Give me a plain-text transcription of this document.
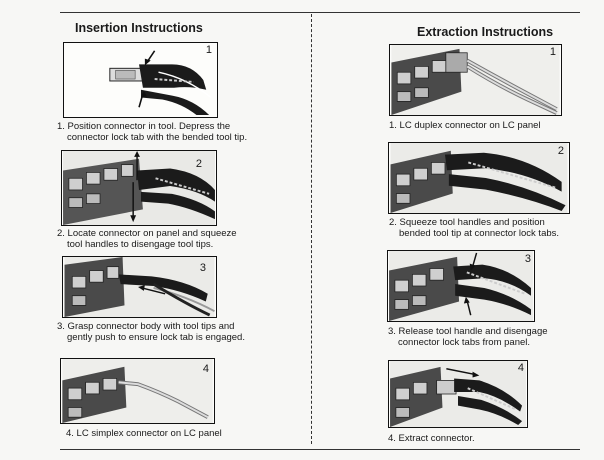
Insertion Instructions
1
1. Position connector in tool. Depress the
connector lock tab with the bended tool tip.
2
2. Locate connector on panel and squeeze
tool handles to disengage tool tips.
3
3. Grasp connector body with tool tips and
gently push to ensure lock tab is engaged.
4
4. LC simplex connector on LC panel
Extraction Instructions
1
1. LC duplex connector on LC panel
2
2. Squeeze tool handles and position
bended tool tip at connector lock tabs.
3
3. Release tool handle and disengage
connector lock tabs from panel.
4
4. Extract connector.
